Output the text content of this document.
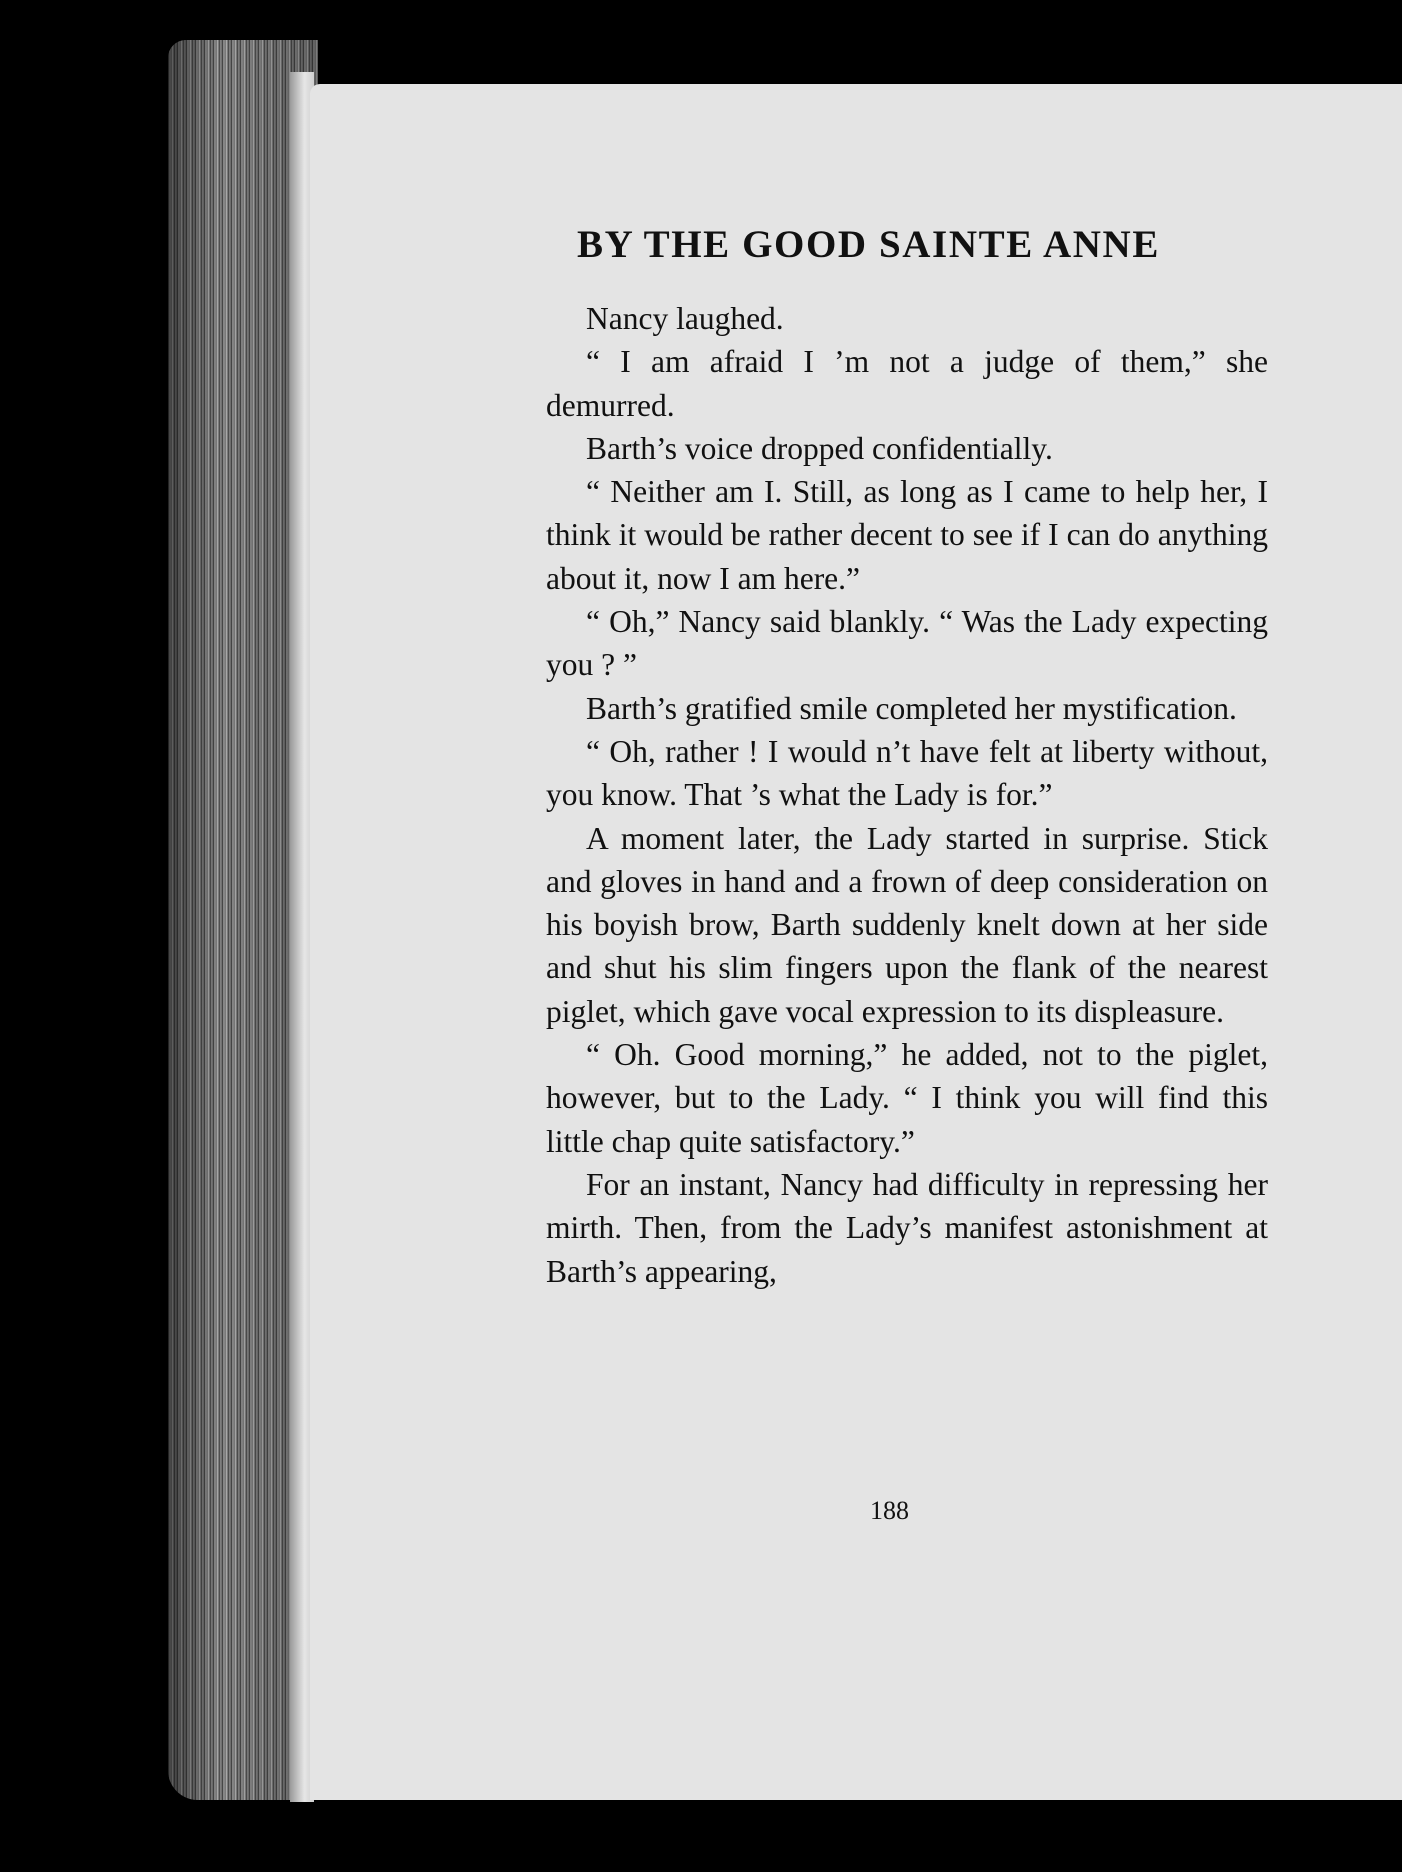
BY THE GOOD SAINTE ANNE

Nancy laughed.

“ I am afraid I ’m not a judge of them,” she demurred.

Barth’s voice dropped confidentially.

“ Neither am I. Still, as long as I came to help her, I think it would be rather decent to see if I can do anything about it, now I am here.”

“ Oh,” Nancy said blankly. “ Was the Lady expecting you ? ”

Barth’s gratified smile completed her mystification.

“ Oh, rather ! I would n’t have felt at liberty without, you know. That ’s what the Lady is for.”

A moment later, the Lady started in surprise. Stick and gloves in hand and a frown of deep consideration on his boyish brow, Barth suddenly knelt down at her side and shut his slim fingers upon the flank of the nearest piglet, which gave vocal expression to its displeasure.

“ Oh. Good morning,” he added, not to the piglet, however, but to the Lady. “ I think you will find this little chap quite satisfactory.”

For an instant, Nancy had difficulty in repressing her mirth. Then, from the Lady’s manifest astonishment at Barth’s appearing,

188
